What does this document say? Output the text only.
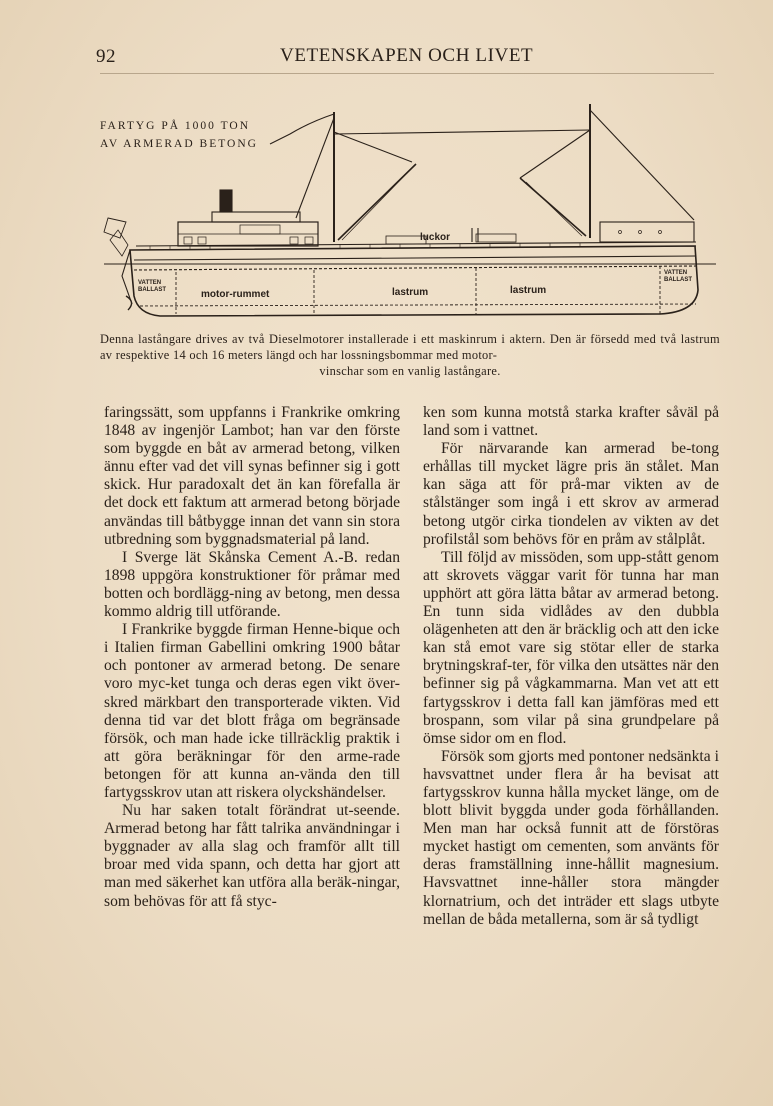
92	VETENSKAPEN OCH LIVET
luckor
motor-rummet	lastrum	lastrum
VATTEN BALLAST
VATTEN BALLAST
FARTYG PÅ 1000 TON
AV ARMERAD BETONG
Denna lastångare drives av två Dieselmotorer installerade i ett maskinrum i aktern. Den är försedd med två lastrum av respektive 14 och 16 meters längd och har lossningsbommar med motor-
vinschar som en vanlig lastångare.

faringssätt, som uppfanns i Frankrike omkring 1848 av ingenjör Lambot; han var den förste som byggde en båt av armerad betong, vilken ännu efter vad det vill synas befinner sig i gott skick. Hur paradoxalt det än kan förefalla är det dock ett faktum att armerad betong började användas till båtbygge innan det vann sin stora utbredning som byggnadsmaterial på land.

I Sverge lät Skånska Cement A.-B. redan 1898 uppgöra konstruktioner för pråmar med botten och bordlägg-ning av betong, men dessa kommo aldrig till utförande.

I Frankrike byggde firman Henne-bique och i Italien firman Gabellini omkring 1900 båtar och pontoner av armerad betong. De senare voro myc-ket tunga och deras egen vikt över-skred märkbart den transporterade vikten. Vid denna tid var det blott fråga om begränsade försök, och man hade icke tillräcklig praktik i att göra beräkningar för den arme-rade betongen för att kunna an-vända den till fartygsskrov utan att riskera olyckshändelser.

Nu har saken totalt förändrat ut-seende. Armerad betong har fått talrika användningar i byggnader av alla slag och framför allt till broar med vida spann, och detta har gjort att man med säkerhet kan utföra alla beräk-ningar, som behövas för att få styc-

ken som kunna motstå starka krafter såväl på land som i vattnet.

För närvarande kan armerad be-tong erhållas till mycket lägre pris än stålet. Man kan säga att för prå-mar vikten av de stålstänger som ingå i ett skrov av armerad betong utgör cirka tiondelen av vikten av det profilstål som behövs för en pråm av stålplåt.

Till följd av missöden, som upp-stått genom att skrovets väggar varit för tunna har man upphört att göra lätta båtar av armerad betong. En tunn sida vidlådes av den dubbla olägenheten att den är bräcklig och att den icke kan stå emot vare sig stötar eller de starka brytningskraf-ter, för vilka den utsättes när den befinner sig på vågkammarna. Man vet att ett fartygsskrov i detta fall kan jämföras med ett brospann, som vilar på sina grundpelare på ömse sidor om en flod.

Försök som gjorts med pontoner nedsänkta i havsvattnet under flera år ha bevisat att fartygsskrov kunna hålla mycket länge, om de blott blivit byggda under goda förhållanden. Men man har också funnit att de förstöras mycket hastigt om cementen, som använts för deras framställning inne-hållit magnesium. Havsvattnet inne-håller stora mängder klornatrium, och det inträder ett slags utbyte mellan de båda metallerna, som är så tydligt
